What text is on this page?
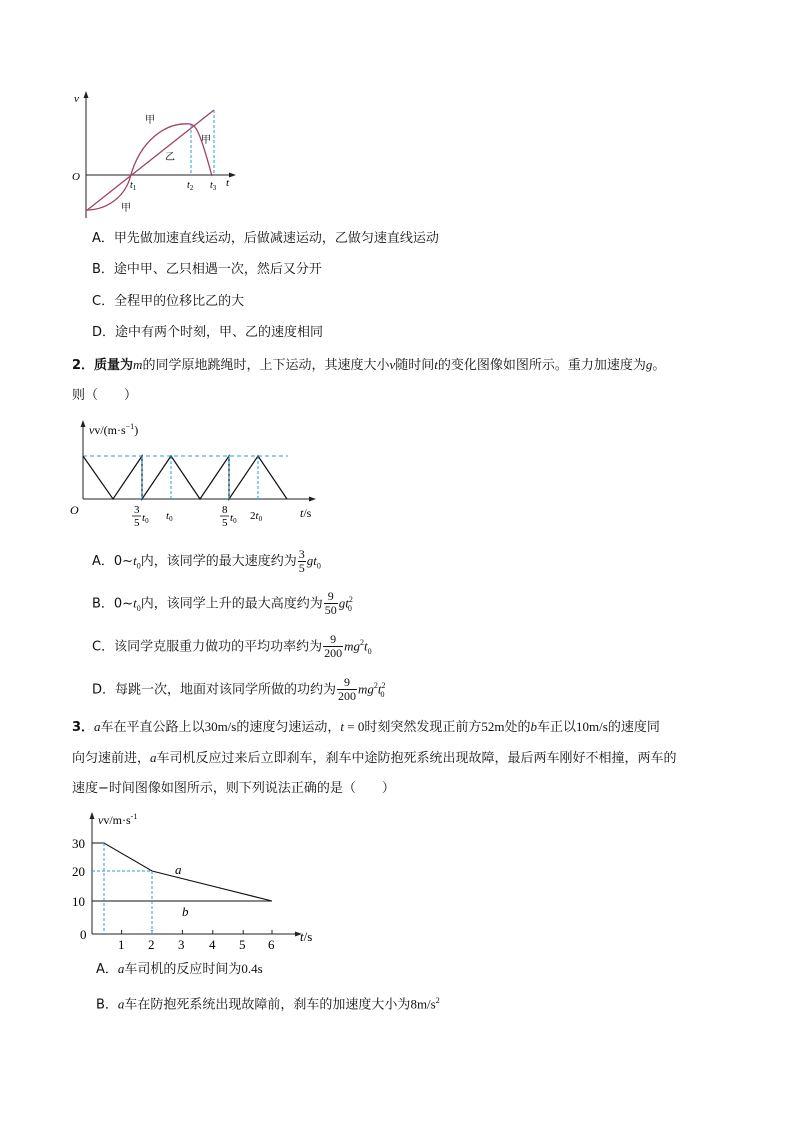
v
O	t
$t_1$	$t_2$ $t_3$
甲
甲
甲
乙
A．甲先做加速直线运动，后做减速运动，乙做匀速直线运动
B．途中甲、乙只相遇一次，然后又分开
C．全程甲的位移比乙的大
D．途中有两个时刻，甲、乙的速度相同
2．质量为m的同学原地跳绳时，上下运动，其速度大小v随时间t的变化图像如图所示。重力加速度为g。
则（　　）
$vv/(m\cdot s^{-1})$
O	3
5 t0 t0
8
5 t0 2t0	t/s
A．$0\sim t_0$内，该同学的最大速度约为 $\frac{3}{5} gt_0$
B．$0\sim t_0$内，该同学上升的最大高度约为 $\frac{9}{50} gt^2_0$
C．该同学克服重力做功的平均功率约为 $\frac{9}{200} mg^2t_0$
D．每跳一次，地面对该同学所做的功约为 $\frac{9}{200} mg^2t^2_0$
3．a车在平直公路上以30m/s的速度匀速运动，t = 0时刻突然发现正前方52m处的b车正以10m/s的速度同
向匀速前进，a车司机反应过来后立即刹车，刹车中途防抱死系统出现故障，最后两车刚好不相撞，两车的
速度−时间图像如图所示，则下列说法正确的是（　　）
$vv/m\cdot s^{-1}$
0
10
20
30
1 2 3 4 5 6
t/s
a
b
A．a车司机的反应时间为0.4s
B．a车在防抱死系统出现故障前，刹车的加速度大小为$8m/s^2$
